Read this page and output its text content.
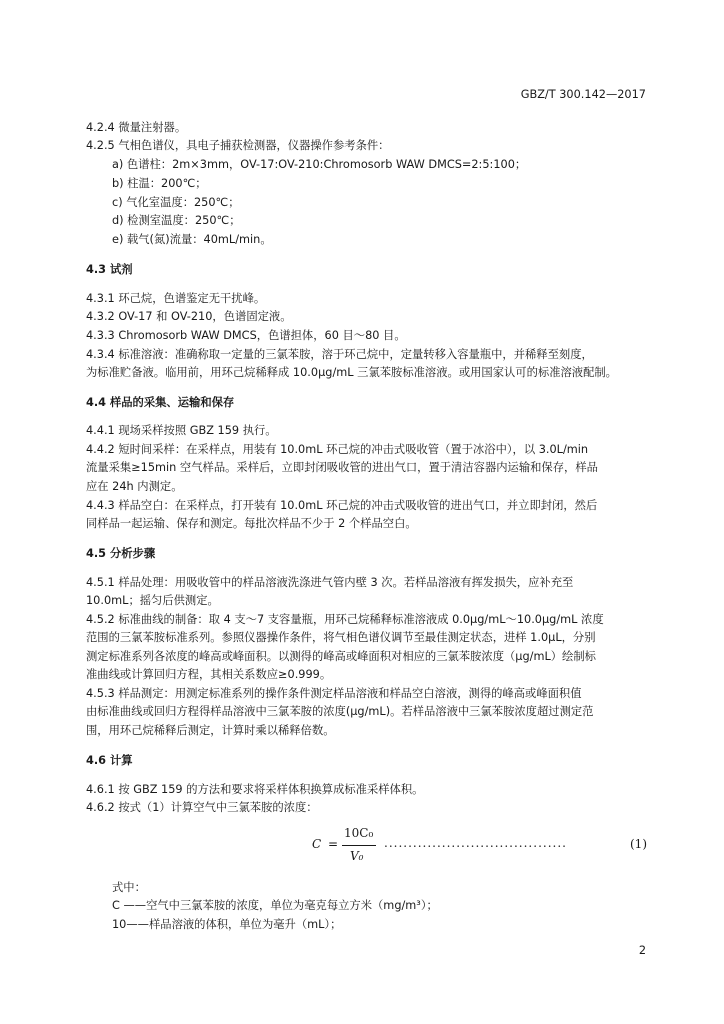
GBZ/T 300.142—2017
4.2.4 微量注射器。
4.2.5 气相色谱仪，具电子捕获检测器，仪器操作参考条件：
a) 色谱柱：2m×3mm，OV-17:OV-210:Chromosorb WAW DMCS=2:5:100；
b) 柱温：200℃；
c) 气化室温度：250℃；
d) 检测室温度：250℃；
e) 载气(氮)流量：40mL/min。
4.3 试剂
4.3.1 环己烷，色谱鉴定无干扰峰。
4.3.2 OV-17 和 OV-210，色谱固定液。
4.3.3 Chromosorb WAW DMCS，色谱担体，60 目～80 目。
4.3.4 标准溶液：准确称取一定量的三氯苯胺，溶于环己烷中，定量转移入容量瓶中，并稀释至刻度，
为标准贮备液。临用前，用环己烷稀释成 10.0μg/mL 三氯苯胺标准溶液。或用国家认可的标准溶液配制。
4.4 样品的采集、运输和保存
4.4.1 现场采样按照 GBZ 159 执行。
4.4.2 短时间采样：在采样点，用装有 10.0mL 环己烷的冲击式吸收管（置于冰浴中），以 3.0L/min
流量采集≥15min 空气样品。采样后，立即封闭吸收管的进出气口，置于清洁容器内运输和保存，样品
应在 24h 内测定。
4.4.3 样品空白：在采样点，打开装有 10.0mL 环己烷的冲击式吸收管的进出气口，并立即封闭，然后
同样品一起运输、保存和测定。每批次样品不少于 2 个样品空白。
4.5 分析步骤
4.5.1 样品处理：用吸收管中的样品溶液洗涤进气管内壁 3 次。若样品溶液有挥发损失，应补充至
10.0mL；摇匀后供测定。
4.5.2 标准曲线的制备：取 4 支～7 支容量瓶，用环己烷稀释标准溶液成 0.0μg/mL～10.0μg/mL 浓度
范围的三氯苯胺标准系列。参照仪器操作条件，将气相色谱仪调节至最佳测定状态，进样 1.0μL，分别
测定标准系列各浓度的峰高或峰面积。以测得的峰高或峰面积对相应的三氯苯胺浓度（μg/mL）绘制标
准曲线或计算回归方程，其相关系数应≥0.999。
4.5.3 样品测定：用测定标准系列的操作条件测定样品溶液和样品空白溶液，测得的峰高或峰面积值
由标准曲线或回归方程得样品溶液中三氯苯胺的浓度(μg/mL)。若样品溶液中三氯苯胺浓度超过测定范
围，用环己烷稀释后测定，计算时乘以稀释倍数。
4.6 计算
4.6.1 按 GBZ 159 的方法和要求将采样体积换算成标准采样体积。
4.6.2 按式（1）计算空气中三氯苯胺的浓度：
C =
10C₀
V₀
......................................	(1)
式中：
C ——空气中三氯苯胺的浓度，单位为毫克每立方米（mg/m³）；
10——样品溶液的体积，单位为毫升（mL）；
2
